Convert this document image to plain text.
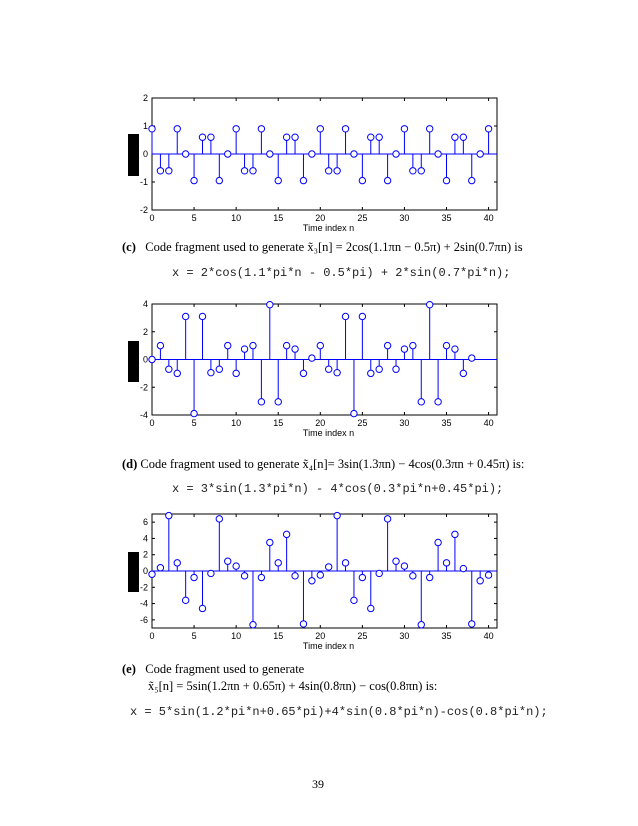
0	5	10	15	20	25	30	35	40
-2
-1
0
1
2
Time index n
(c) Code fragment used to generate x̃₃[n] = 2cos(1.1πn − 0.5π) + 2sin(0.7πn) is
x = 2*cos(1.1*pi*n - 0.5*pi) + 2*sin(0.7*pi*n);
0	5	10	15	20	25	30	35	40
-4
-2
0
2
4
Time index n
(d) Code fragment used to generate x̃₄[n]= 3sin(1.3πn) − 4cos(0.3πn + 0.45π) is:
x = 3*sin(1.3*pi*n) - 4*cos(0.3*pi*n+0.45*pi);
0	5	10	15	20	25	30	35	40
-6
-4
-2
0
2
4
6
Time index n
(e) Code fragment used to generate
x̃₅[n] = 5sin(1.2πn + 0.65π) + 4sin(0.8πn) − cos(0.8πn) is:
x = 5*sin(1.2*pi*n+0.65*pi)+4*sin(0.8*pi*n)-cos(0.8*pi*n);
39
